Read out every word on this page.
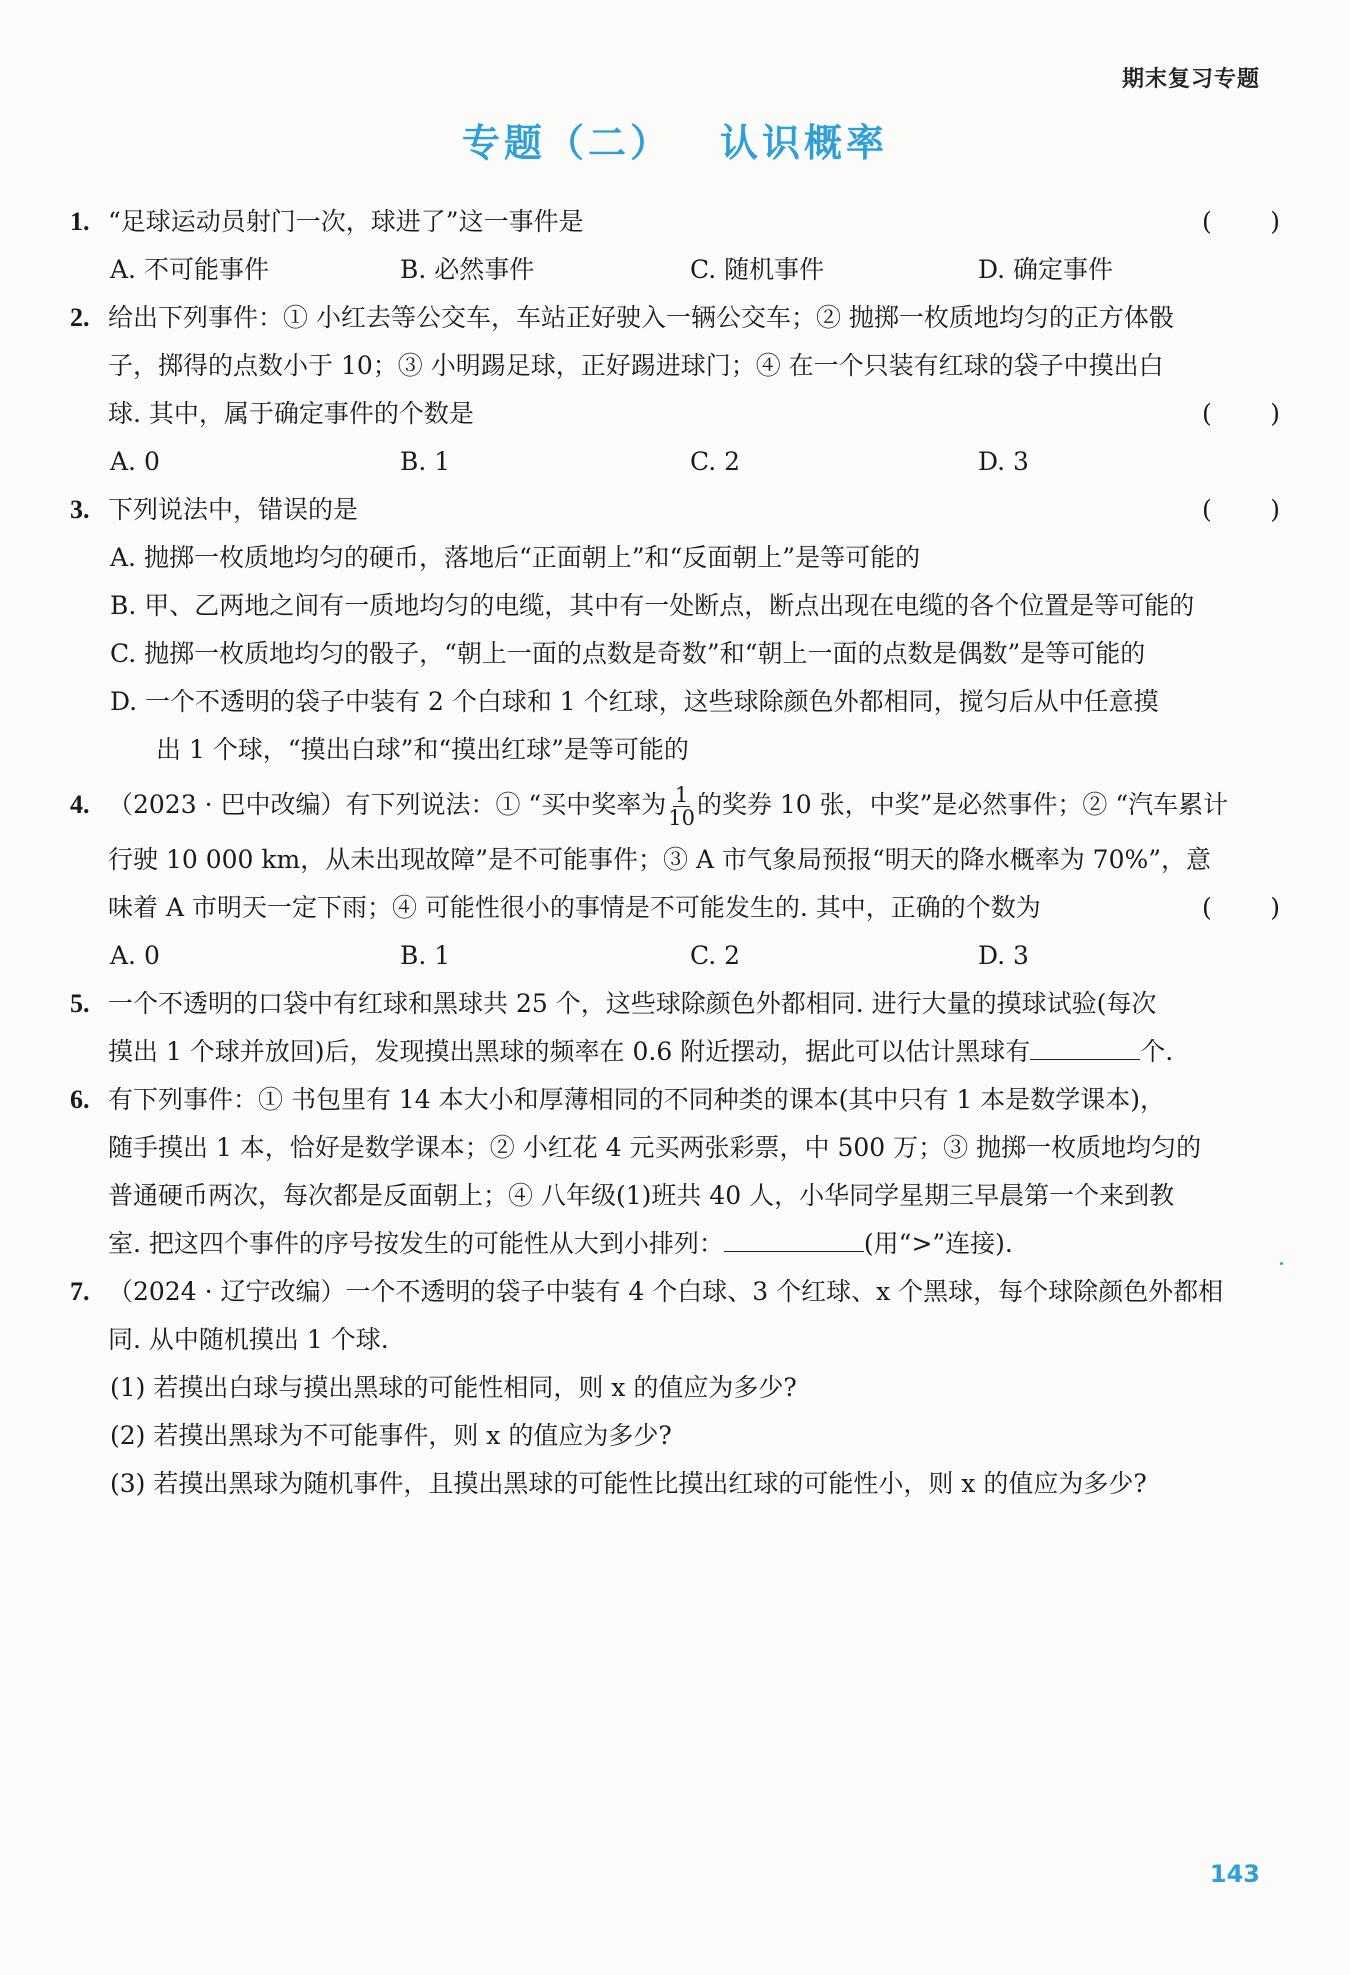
期末复习专题
专题（二） 认识概率
1. “足球运动员射门一次，球进了”这一事件是	( )
A. 不可能事件	B. 必然事件	C. 随机事件	D. 确定事件
2. 给出下列事件：① 小红去等公交车，车站正好驶入一辆公交车；② 抛掷一枚质地均匀的正方体骰
子，掷得的点数小于 10；③ 小明踢足球，正好踢进球门；④ 在一个只装有红球的袋子中摸出白
球. 其中，属于确定事件的个数是	( )
A. 0	B. 1	C. 2	D. 3
3. 下列说法中，错误的是	( )
A. 抛掷一枚质地均匀的硬币，落地后“正面朝上”和“反面朝上”是等可能的
B. 甲、乙两地之间有一质地均匀的电缆，其中有一处断点，断点出现在电缆的各个位置是等可能的
C. 抛掷一枚质地均匀的骰子，“朝上一面的点数是奇数”和“朝上一面的点数是偶数”是等可能的
D. 一个不透明的袋子中装有 2 个白球和 1 个红球，这些球除颜色外都相同，搅匀后从中任意摸
出 1 个球，“摸出白球”和“摸出红球”是等可能的
4. （2023 · 巴中改编）有下列说法：① “买中奖率为 $\frac{1}{10}$ 的奖券 10 张，中奖”是必然事件；② “汽车累计
行驶 10 000 km，从未出现故障”是不可能事件；③ A 市气象局预报“明天的降水概率为 70%”，意
味着 A 市明天一定下雨；④ 可能性很小的事情是不可能发生的. 其中，正确的个数为	( )
A. 0	B. 1	C. 2	D. 3
5. 一个不透明的口袋中有红球和黑球共 25 个，这些球除颜色外都相同. 进行大量的摸球试验(每次
摸出 1 个球并放回)后，发现摸出黑球的频率在 0.6 附近摆动，据此可以估计黑球有	个.
6. 有下列事件：① 书包里有 14 本大小和厚薄相同的不同种类的课本(其中只有 1 本是数学课本)，
随手摸出 1 本，恰好是数学课本；② 小红花 4 元买两张彩票，中 500 万；③ 抛掷一枚质地均匀的
普通硬币两次，每次都是反面朝上；④ 八年级(1)班共 40 人，小华同学星期三早晨第一个来到教
室. 把这四个事件的序号按发生的可能性从大到小排列：	(用“>”连接).
7. （2024 · 辽宁改编）一个不透明的袋子中装有 4 个白球、3 个红球、x 个黑球，每个球除颜色外都相
同. 从中随机摸出 1 个球.
(1) 若摸出白球与摸出黑球的可能性相同，则 x 的值应为多少?
(2) 若摸出黑球为不可能事件，则 x 的值应为多少?
(3) 若摸出黑球为随机事件，且摸出黑球的可能性比摸出红球的可能性小，则 x 的值应为多少?
143
